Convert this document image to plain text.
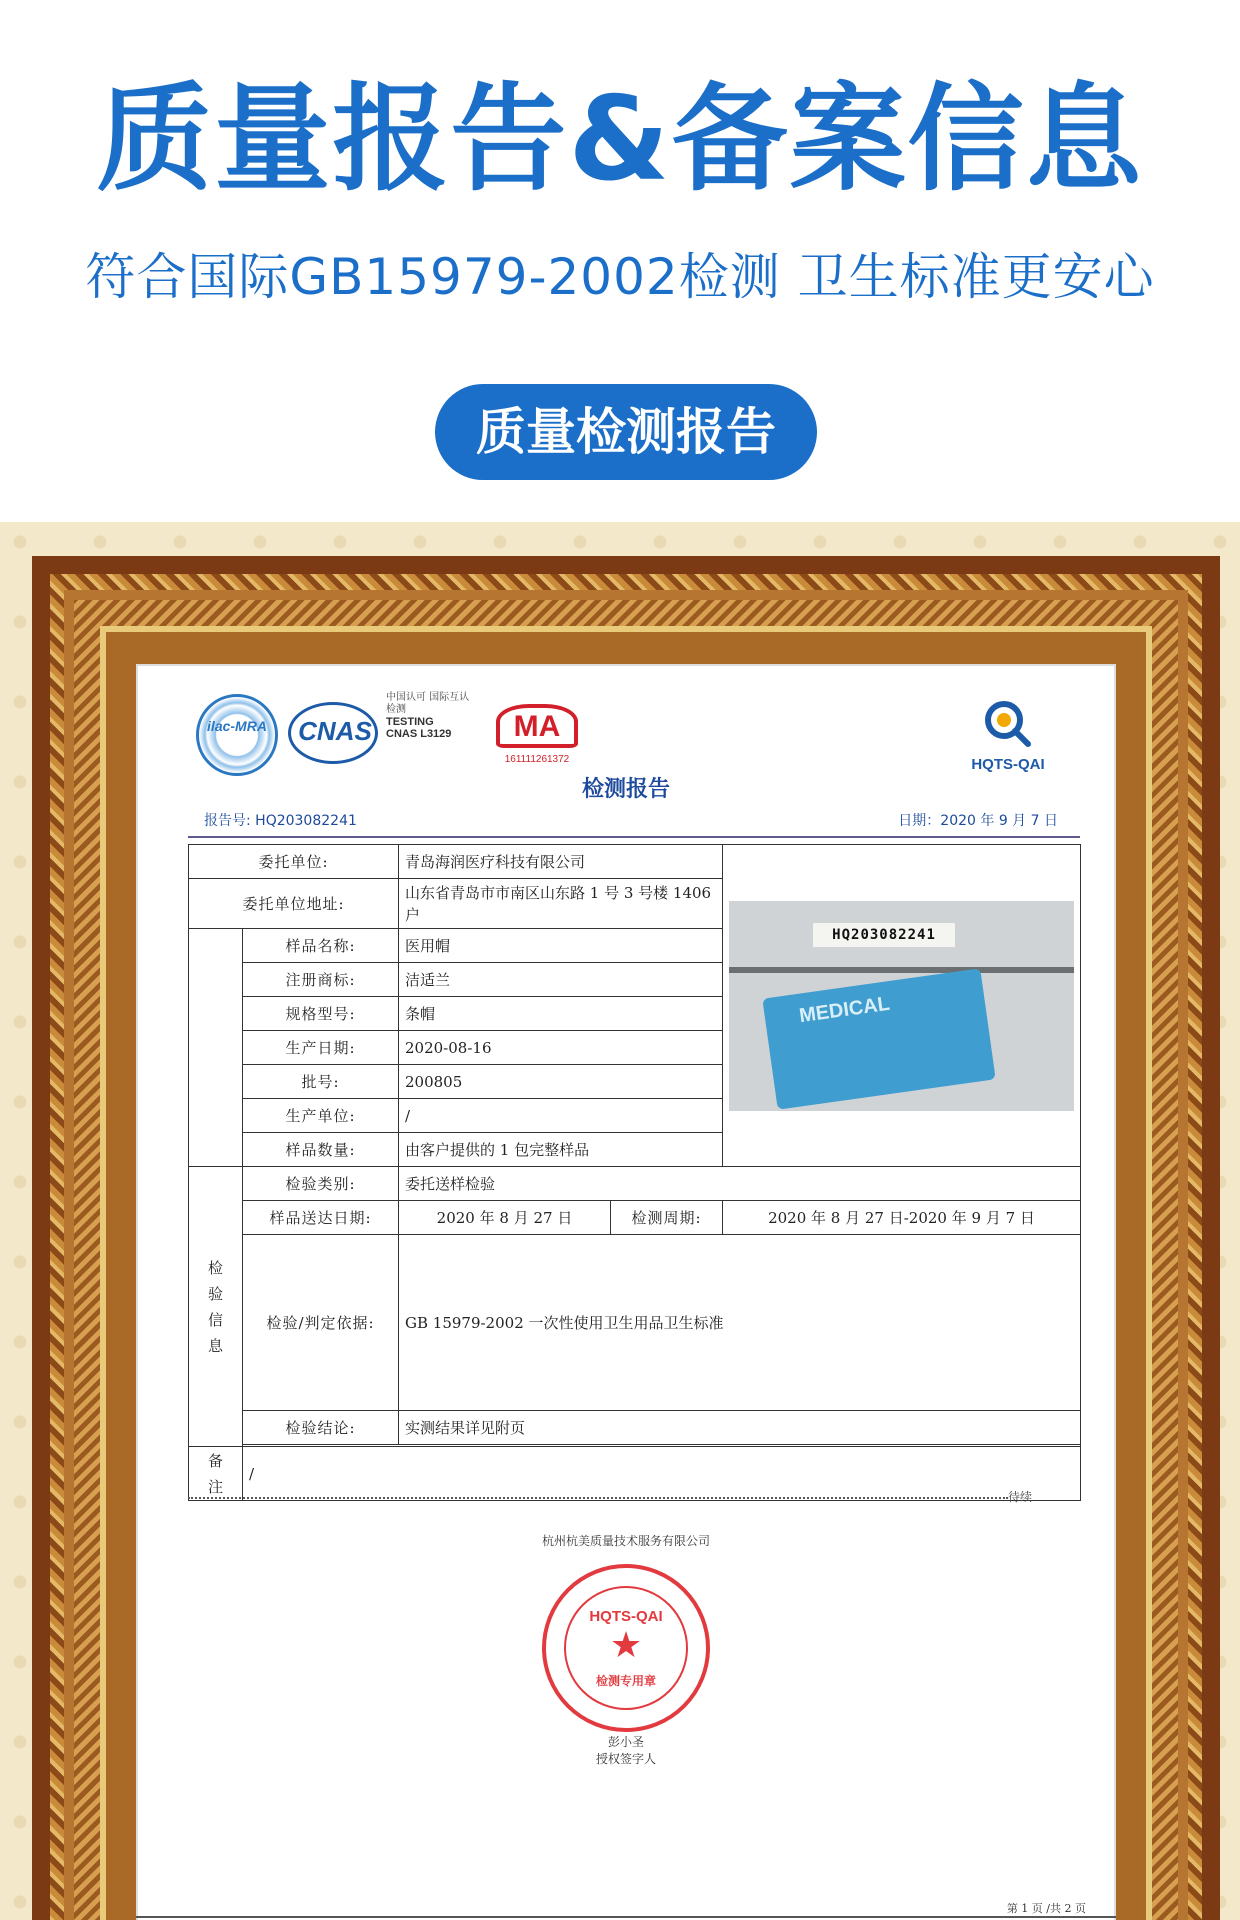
质量报告&备案信息
符合国际GB15979-2002检测 卫生标准更安心
质量检测报告
ilac-MRA	CNAS
中国认可 国际互认 检测
TESTING
CNAS L3129	MA
161111261372	HQTS-QAI
检测报告
报告号: HQ203082241	日期：2020 年 9 月 7 日
委托单位:		青岛海润医疗科技有限公司		HQ203082241
MEDICAL

委托单位地址:		山东省青岛市市南区山东路 1 号 3 号楼 1406 户		
	样品名称:	医用帽		
	注册商标:	洁适兰		
	规格型号:	条帽		
	生产日期:	2020-08-16		
	批号:	200805		
	生产单位:	/		
	样品数量:	由客户提供的 1 包完整样品		
检验信息	检验类别:	委托送样检验		
	样品送达日期:	2020 年 8 月 27 日	检测周期:	2020 年 8 月 27 日-2020 年 9 月 7 日
	检验/判定依据:	GB 15979-2002 一次性使用卫生用品卫生标准		
	检验结论:	实测结果详见附页		

备注	/			
待续
杭州杭美质量技术服务有限公司
HQTS-QAI
★
检测专用章
彭小圣
授权签字人
第 1 页 /共 2 页
